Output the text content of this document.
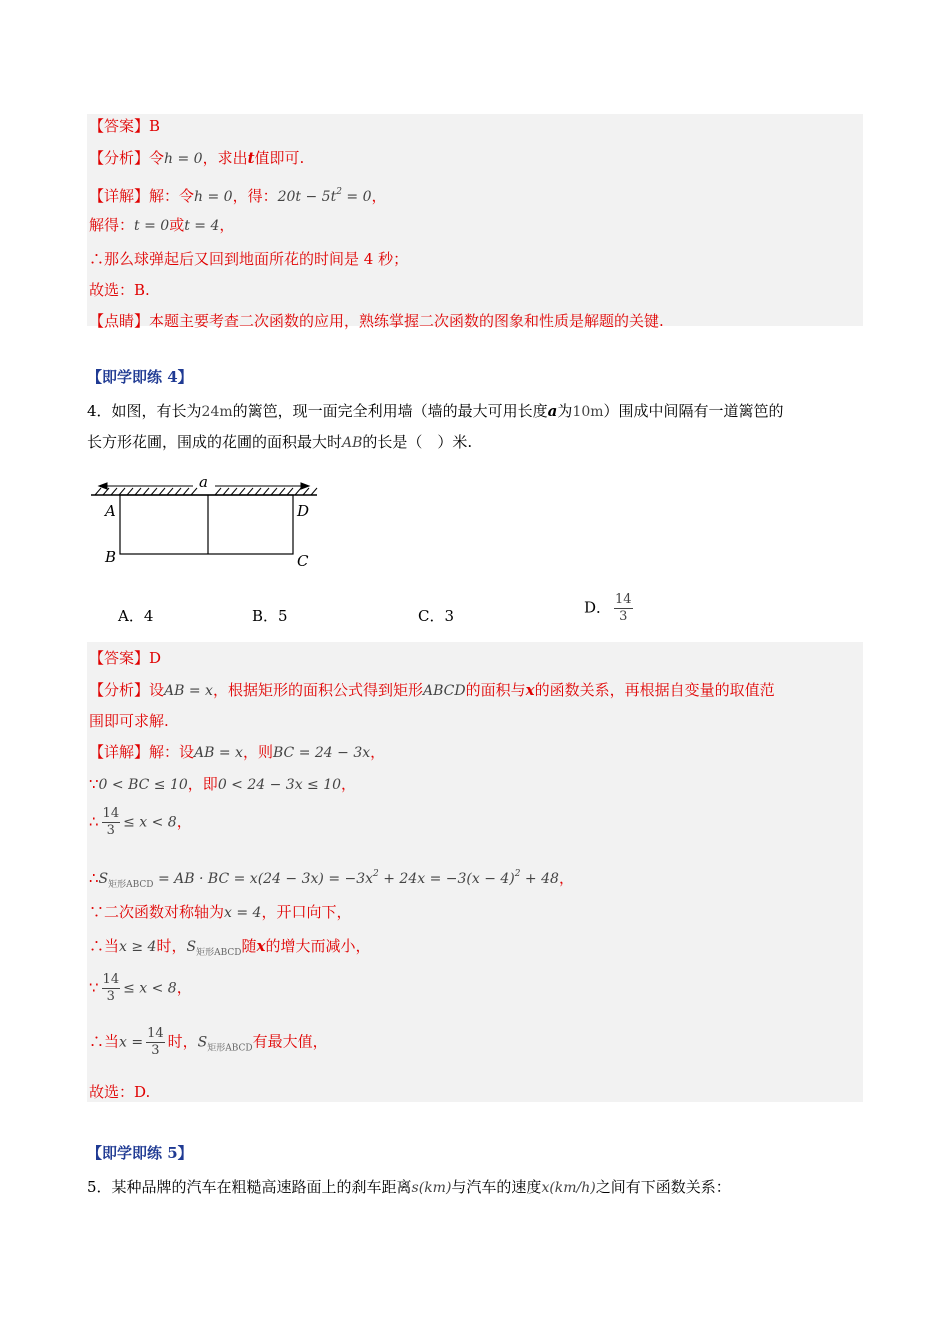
【答案】B
【分析】令h = 0，求出t值即可.
【详解】解：令h = 0，得：$20t - 5t^2 = 0$，
解得：t = 0或t = 4，
∴那么球弹起后又回到地面所花的时间是 4 秒；
故选：B.
【点睛】本题主要考查二次函数的应用，熟练掌握二次函数的图象和性质是解题的关键.
【即学即练 4】
4．如图，有长为24m的篱笆，现一面完全利用墙（墙的最大可用长度a为10m）围成中间隔有一道篱笆的
长方形花圃，围成的花圃的面积最大时AB的长是（　）米.
a
A	D
B	C
A．4	B．5	C．3	D． $\frac{14}{3}$
【答案】D
【分析】设AB = x，根据矩形的面积公式得到矩形ABCD的面积与x的函数关系，再根据自变量的取值范
围即可求解.
【详解】解：设AB = x，则BC = 24 − 3x，
∵0 < BC ≤ 10，即0 < 24 − 3x ≤ 10，
∴ $\frac{14}{3} \le x < 8$，
$\therefore S_{矩形ABCD}$ = AB · BC = $x(24 - 3x) = -3x^2 + 24x = -3(x - 4)^2 + 48$，
∵二次函数对称轴为x = 4，开口向下，
∴当x ≥ 4时，$S_{矩形ABCD}$随x的增大而减小，
∵ $\frac{14}{3} \le x < 8$，
∴当$x = \frac{14}{3}$ 时，$S_{矩形ABCD}$有最大值，
故选：D.
【即学即练 5】
5．某种品牌的汽车在粗糙高速路面上的刹车距离s(km)与汽车的速度x(km/h)之间有下函数关系：
